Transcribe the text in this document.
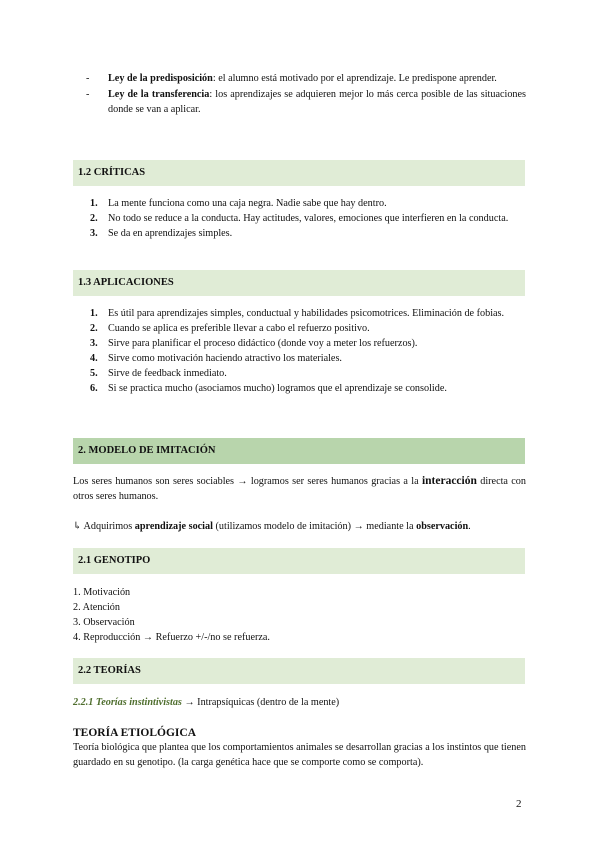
- Ley de la predisposición: el alumno está motivado por el aprendizaje. Le predispone aprender.
- Ley de la transferencia: los aprendizajes se adquieren mejor lo más cerca posible de las situaciones donde se van a aplicar.
1.2 CRÍTICAS
1. La mente funciona como una caja negra. Nadie sabe que hay dentro.
2. No todo se reduce a la conducta. Hay actitudes, valores, emociones que interfieren en la conducta.
3. Se da en aprendizajes simples.
1.3 APLICACIONES
1. Es útil para aprendizajes simples, conductual y habilidades psicomotrices. Eliminación de fobias.
2. Cuando se aplica es preferible llevar a cabo el refuerzo positivo.
3. Sirve para planificar el proceso didáctico (donde voy a meter los refuerzos).
4. Sirve como motivación haciendo atractivo los materiales.
5. Sirve de feedback inmediato.
6. Si se practica mucho (asociamos mucho) logramos que el aprendizaje se consolide.
2. MODELO DE IMITACIÓN
Los seres humanos son seres sociables → logramos ser seres humanos gracias a la interacción directa con otros seres humanos.
↳ Adquirimos aprendizaje social (utilizamos modelo de imitación) → mediante la observación.
2.1 GENOTIPO
1. Motivación
2. Atención
3. Observación
4. Reproducción → Refuerzo +/-/no se refuerza.
2.2 TEORÍAS
2.2.1 Teorías instintivistas → Intrapsíquicas (dentro de la mente)
TEORÍA ETIOLÓGICA
Teoría biológica que plantea que los comportamientos animales se desarrollan gracias a los instintos que tienen guardado en su genotipo. (la carga genética hace que se comporte como se comporta).
2
